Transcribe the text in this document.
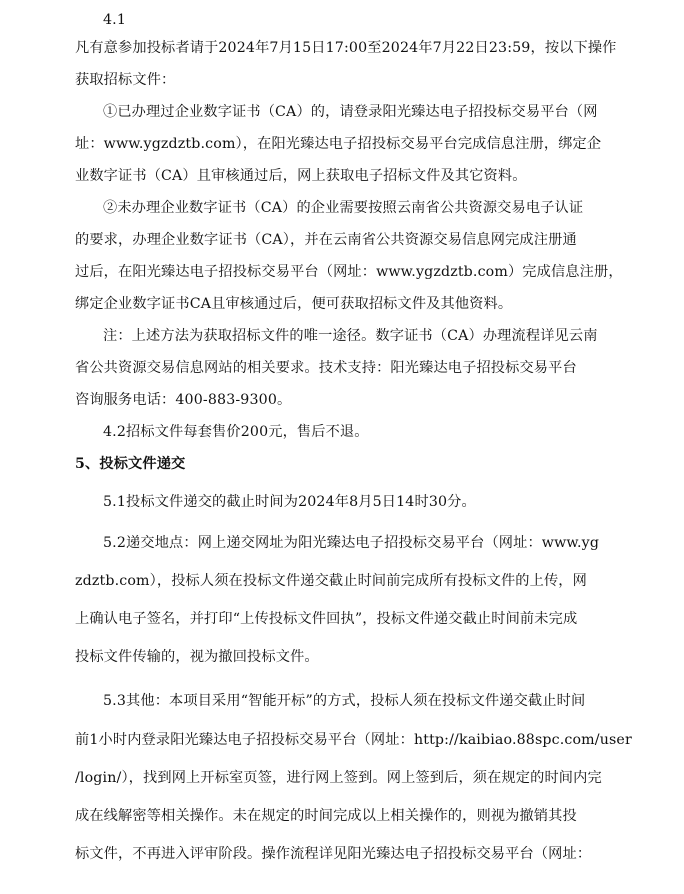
4.1
凡有意参加投标者请于2024年7月15日17:00至2024年7月22日23:59，按以下操作
获取招标文件：
①已办理过企业数字证书（CA）的，请登录阳光臻达电子招投标交易平台（网
址：www.ygzdztb.com），在阳光臻达电子招投标交易平台完成信息注册，绑定企
业数字证书（CA）且审核通过后，网上获取电子招标文件及其它资料。
②未办理企业数字证书（CA）的企业需要按照云南省公共资源交易电子认证
的要求，办理企业数字证书（CA），并在云南省公共资源交易信息网完成注册通
过后，在阳光臻达电子招投标交易平台（网址：www.ygzdztb.com）完成信息注册，
绑定企业数字证书CA且审核通过后，便可获取招标文件及其他资料。
注：上述方法为获取招标文件的唯一途径。数字证书（CA）办理流程详见云南
省公共资源交易信息网站的相关要求。技术支持：阳光臻达电子招投标交易平台
咨询服务电话：400-883-9300。
4.2招标文件每套售价200元，售后不退。
5、投标文件递交
5.1投标文件递交的截止时间为2024年8月5日14时30分。
5.2递交地点：网上递交网址为阳光臻达电子招投标交易平台（网址：www.yg
zdztb.com），投标人须在投标文件递交截止时间前完成所有投标文件的上传，网
上确认电子签名，并打印“上传投标文件回执”，投标文件递交截止时间前未完成
投标文件传输的，视为撤回投标文件。
5.3其他：本项目采用“智能开标”的方式，投标人须在投标文件递交截止时间
前1小时内登录阳光臻达电子招投标交易平台（网址：http://kaibiao.88spc.com/user
/login/），找到网上开标室页签，进行网上签到。网上签到后，须在规定的时间内完
成在线解密等相关操作。未在规定的时间完成以上相关操作的，则视为撤销其投
标文件，不再进入评审阶段。操作流程详见阳光臻达电子招投标交易平台（网址：
